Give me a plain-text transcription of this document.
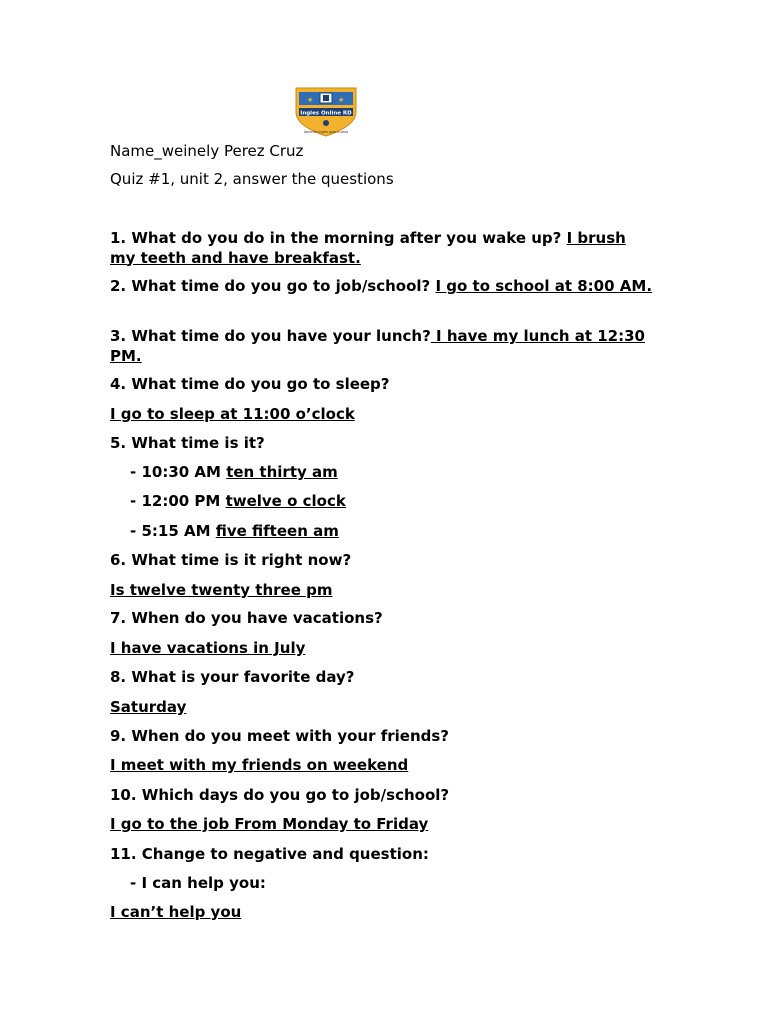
★	★
Ingles Online RD
Aprende Ingles paso a paso
Name_weinely Perez Cruz
Quiz #1, unit 2, answer the questions
1. What do you do in the morning after you wake up? I brush my teeth and have breakfast.
2. What time do you go to job/school? I go to school at 8:00 AM.
3. What time do you have your lunch? I have my lunch at 12:30 PM.
4. What time do you go to sleep?
I go to sleep at 11:00 o’clock
5. What time is it?
- 10:30 AM ten thirty am
- 12:00 PM twelve o clock
- 5:15 AM five fifteen am
6. What time is it right now?
Is twelve twenty three pm
7. When do you have vacations?
I have vacations in July
8. What is your favorite day?
Saturday
9. When do you meet with your friends?
I meet with my friends on weekend
10. Which days do you go to job/school?
I go to the job From Monday to Friday
11. Change to negative and question:
- I can help you:
I can’t help you
